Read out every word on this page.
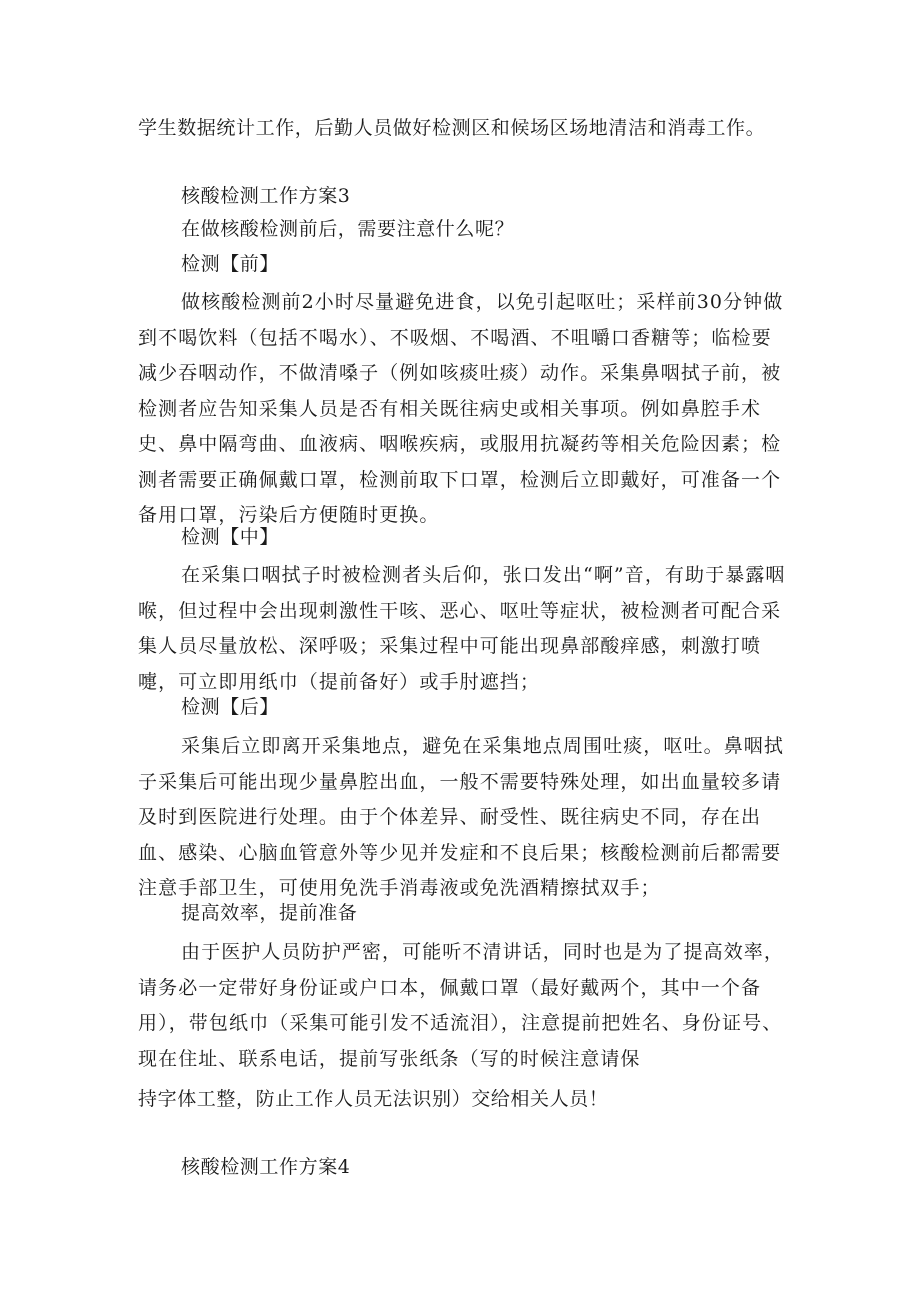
学生数据统计工作，后勤人员做好检测区和候场区场地清洁和消毒工作。
核酸检测工作方案3
在做核酸检测前后，需要注意什么呢？
检测【前】
做核酸检测前2小时尽量避免进食，以免引起呕吐；采样前30分钟做到不喝饮料（包括不喝水）、不吸烟、不喝酒、不咀嚼口香糖等；临检要减少吞咽动作，不做清嗓子（例如咳痰吐痰）动作。采集鼻咽拭子前，被检测者应告知采集人员是否有相关既往病史或相关事项。例如鼻腔手术史、鼻中隔弯曲、血液病、咽喉疾病，或服用抗凝药等相关危险因素；检测者需要正确佩戴口罩，检测前取下口罩，检测后立即戴好，可准备一个备用口罩，污染后方便随时更换。
检测【中】
在采集口咽拭子时被检测者头后仰，张口发出“啊”音，有助于暴露咽喉，但过程中会出现刺激性干咳、恶心、呕吐等症状，被检测者可配合采集人员尽量放松、深呼吸；采集过程中可能出现鼻部酸痒感，刺激打喷嚏，可立即用纸巾（提前备好）或手肘遮挡；
检测【后】
采集后立即离开采集地点，避免在采集地点周围吐痰，呕吐。鼻咽拭子采集后可能出现少量鼻腔出血，一般不需要特殊处理，如出血量较多请及时到医院进行处理。由于个体差异、耐受性、既往病史不同，存在出血、感染、心脑血管意外等少见并发症和不良后果；核酸检测前后都需要注意手部卫生，可使用免洗手消毒液或免洗酒精擦拭双手；
提高效率，提前准备
由于医护人员防护严密，可能听不清讲话，同时也是为了提高效率，请务必一定带好身份证或户口本，佩戴口罩（最好戴两个，其中一个备用），带包纸巾（采集可能引发不适流泪），注意提前把姓名、身份证号、现在住址、联系电话，提前写张纸条（写的时候注意请保
持字体工整，防止工作人员无法识别）交给相关人员！
核酸检测工作方案4
